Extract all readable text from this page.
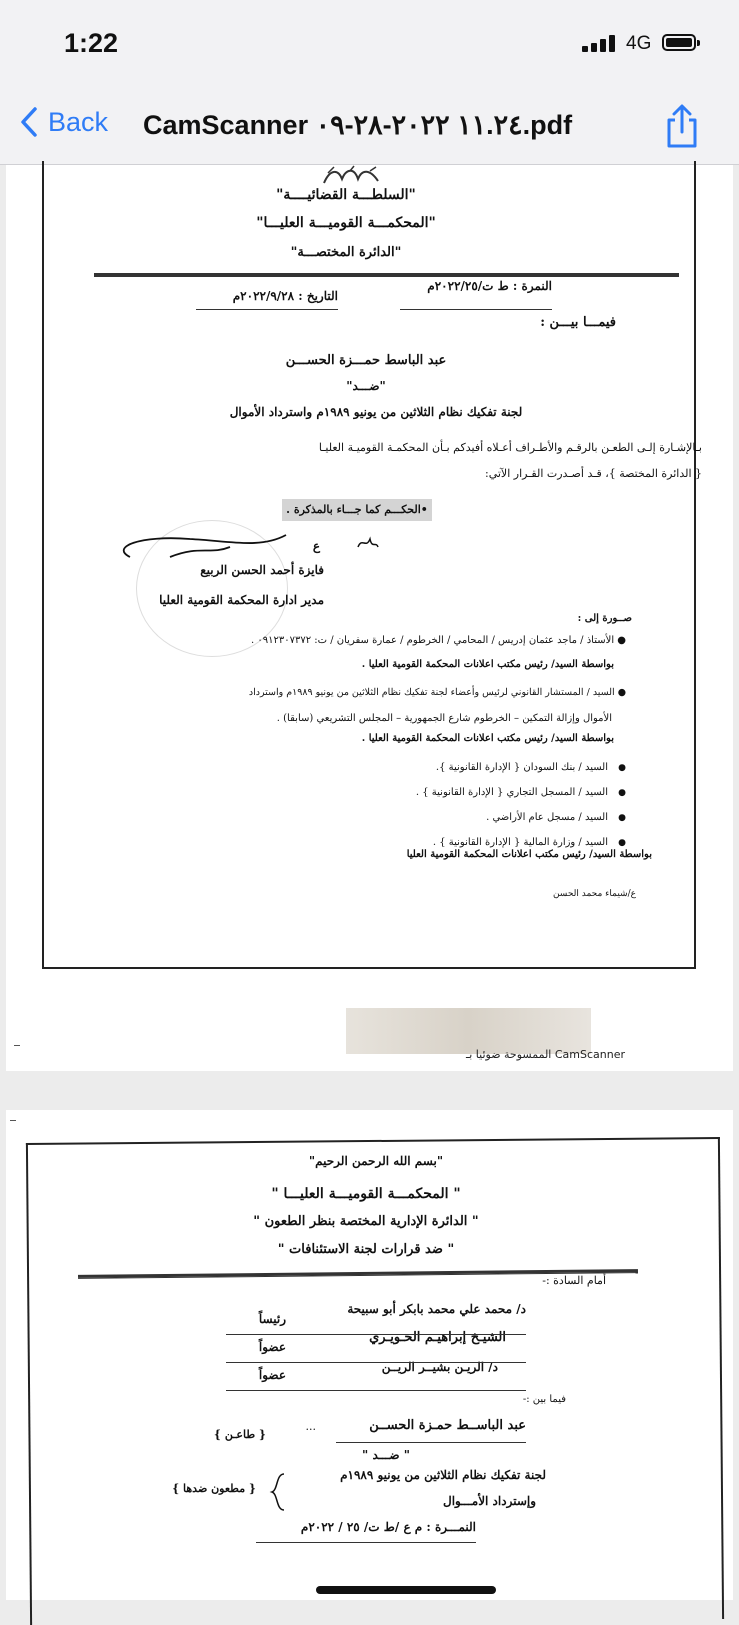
1:22	4G
Back CamScanner ١١.٢٤ ٢٠٢٢-٢٨-٠٩.pdf
"السلطـــة القضائيــــة"
"المحكمـــة القوميـــة العليـــا"
"الدائرة المختصـــة"
النمرة : ط ت/٢٠٢٢/٢٥م
التاريخ : ٢٠٢٢/٩/٢٨م
فيمـــا بيـــن :
عبد الباسط حمـــزة الحســـن
"ضـــد"
لجنة تفكيك نظام الثلاثين من يونيو ١٩٨٩م واسترداد الأموال
بـالإشـارة إلـى الطعـن بالرقـم والأطـراف أعـلاه أفيدكم بـأن المحكمـة القوميـة العليـا
{ الدائرة المختصة }، قـد أصـدرت القـرار الآتي:
•الحكـــم كما جـــاء بالمذكرة .
ع
فايزة أحمد الحسن الربيع
مدير ادارة المحكمة القومية العليا
صــورة إلى :
● الأستاذ / ماجد عثمان إدريس / المحامي / الخرطوم / عمارة سفريان / ت: ٠٩١٢٣٠٧٣٧٢ .
بواسطة السيد/ رئيس مكتب اعلانات المحكمة القومية العليا .
● السيد / المستشار القانوني لرئيس وأعضاء لجنة تفكيك نظام الثلاثين من يونيو ١٩٨٩م واسترداد
الأموال وإزالة التمكين – الخرطوم شارع الجمهورية – المجلس التشريعي (سابقا) .
بواسطة السيد/ رئيس مكتب اعلانات المحكمة القومية العليا .
● السيد / بنك السودان { الإدارة القانونية }.
● السيد / المسجل التجاري { الإدارة القانونية } .
● السيد / مسجل عام الأراضي .
● السيد / وزارة المالية { الإدارة القانونية } .
بواسطة السيد/ رئيس مكتب اعلانات المحكمة القومية العليا
ع/شيماء محمد الحسن
الممسوحة ضوئيا بـ CamScanner
"بسم الله الرحمن الرحيم"
" المحكمـــة القوميـــة العليـــا "
" الدائرة الإدارية المختصة بنظر الطعون "
" ضد قرارات لجنة الاستئنافات "
أمام السادة :-
د/ محمد علي محمد بابكر أبو سبيحة
رئيساً
الشيـخ إبراهيـم الحـويـري
عضواً
د/ الريـن بشيــر الريــن
عضواً
فيما بين :-
عبد الباســط حمـزة الحســن
...
{ طاعـن }
" ضـــد "
لجنة تفكيك نظام الثلاثين من يونيو ١٩٨٩م
وإسترداد الأمـــوال
{ مطعون ضدها }
النمـــرة : م ع /ط ت/ ٢٥ / ٢٠٢٢م
